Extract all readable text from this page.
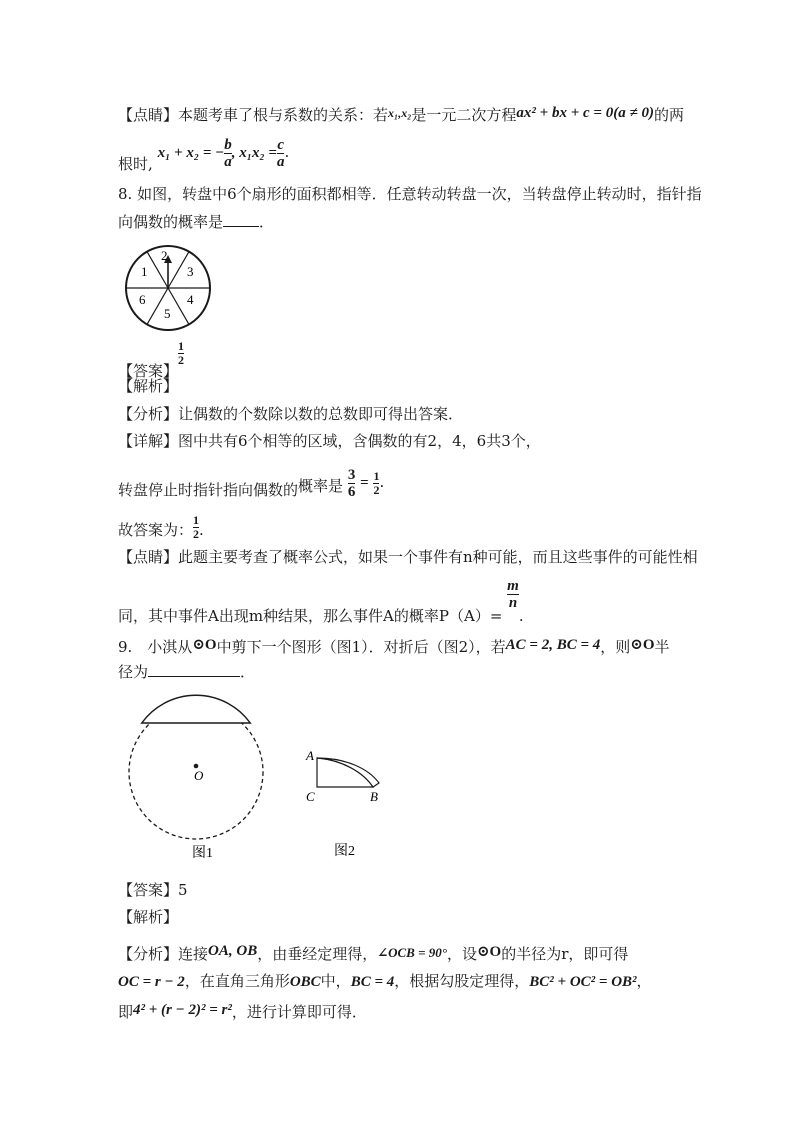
【点睛】本题考車了根与系数的关系：若$^{x_1,x_2}$是一元二次方程ax² + bx + c = 0(a ≠ 0)的两
根时, x₁ + x₂ = − $\frac{b}{a}$ , $x_1x_2 = \frac{c}{a}$ .
8. 如图，转盘中6个扇形的面积都相等．任意转动转盘一次，当转盘停止转动时，指针指
向偶数的概率是 ．
1
2
3
4
5
6
【答案】
$\frac{1}{2}$
【解析】
【分析】让偶数的个数除以数的总数即可得出答案．
【详解】图中共有6个相等的区域，含偶数的有2，4，6共3个，
转盘停止时指针指向偶数的概率是 $\frac{3}{6} = \frac{1}{2}$ .
故答案为： $\frac{1}{2}$ .
【点睛】此题主要考查了概率公式，如果一个事件有n种可能，而且这些事件的可能性相
同，其中事件A出现m种结果，那么事件A的概率P（A）=
$\frac{m}{n}$
.
9.　小淇从⊙O中剪下一个图形（图1）．对折后（图2），若AC = 2, BC = 4，则⊙O半
径为	．
O
图1
A
C	B
图2
【答案】5
【解析】
【分析】连接OA, OB，由垂经定理得，∠OCB = 90°，设⊙O的半径为r，即可得
OC = r − 2，在直角三角形OBC中，BC = 4，根据勾股定理得，BC² + OC² = OB²，
即4² + (r − 2)² = r²，进行计算即可得．
